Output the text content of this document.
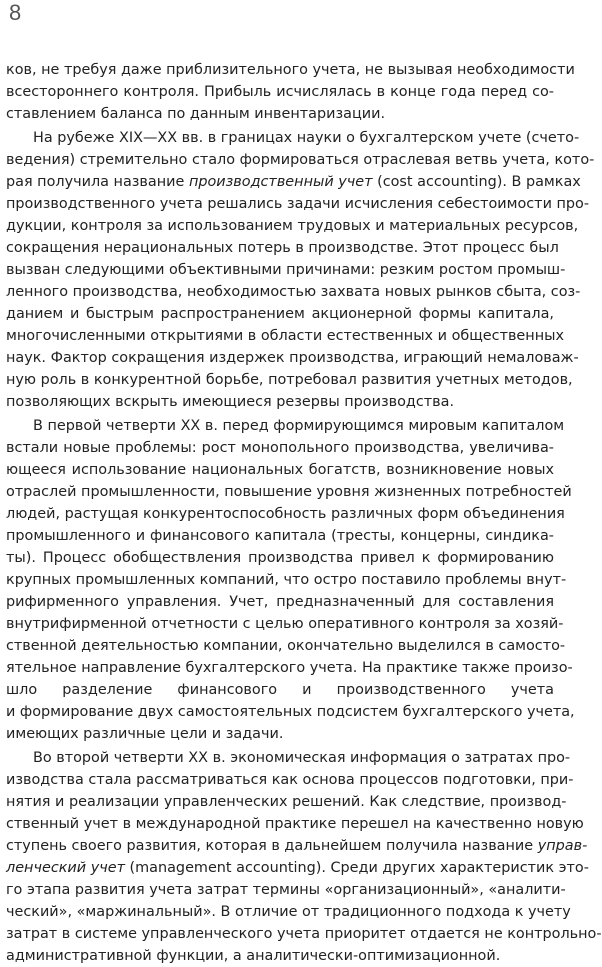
8
ков, не требуя даже приблизительного учета, не вызывая необходимости
всестороннего контроля. Прибыль исчислялась в конце года перед со-
ставлением баланса по данным инвентаризации.
На рубеже XIX—XX вв. в границах науки о бухгалтерском учете (счето-
ведения) стремительно стало формироваться отраслевая ветвь учета, кото-
рая получила название производственный учет (cost accounting). В рамках
производственного учета решались задачи исчисления себестоимости про-
дукции, контроля за использованием трудовых и материальных ресурсов,
сокращения нерациональных потерь в производстве. Этот процесс был
вызван следующими объективными причинами: резким ростом промыш-
ленного производства, необходимостью захвата новых рынков сбыта, соз-
данием и быстрым распространением акционерной формы капитала,
многочисленными открытиями в области естественных и общественных
наук. Фактор сокращения издержек производства, играющий немаловаж-
ную роль в конкурентной борьбе, потребовал развития учетных методов,
позволяющих вскрыть имеющиеся резервы производства.
В первой четверти XX в. перед формирующимся мировым капиталом
встали новые проблемы: рост монопольного производства, увеличива-
ющееся использование национальных богатств, возникновение новых
отраслей промышленности, повышение уровня жизненных потребностей
людей, растущая конкурентоспособность различных форм объединения
промышленного и финансового капитала (тресты, концерны, синдика-
ты). Процесс обобществления производства привел к формированию
крупных промышленных компаний, что остро поставило проблемы внут-
рифирменного управления. Учет, предназначенный для составления
внутрифирменной отчетности с целью оперативного контроля за хозяй-
ственной деятельностью компании, окончательно выделился в самосто-
ятельное направление бухгалтерского учета. На практике также произо-
шло разделение финансового и производственного учета
и формирование двух самостоятельных подсистем бухгалтерского учета,
имеющих различные цели и задачи.
Во второй четверти XX в. экономическая информация о затратах про-
изводства стала рассматриваться как основа процессов подготовки, при-
нятия и реализации управленческих решений. Как следствие, производ-
ственный учет в международной практике перешел на качественно новую
ступень своего развития, которая в дальнейшем получила название управ-
ленческий учет (management accounting). Среди других характеристик это-
го этапа развития учета затрат термины «организационный», «аналити-
ческий», «маржинальный». В отличие от традиционного подхода к учету
затрат в системе управленческого учета приоритет отдается не контрольно-
административной функции, а аналитически-оптимизационной.
